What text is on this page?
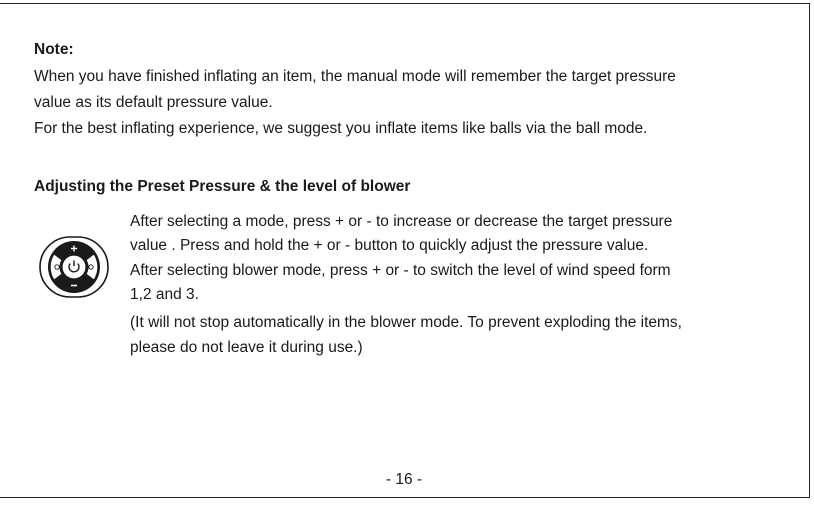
Note:
When you have finished inflating an item, the manual mode will remember the target pressure
value as its default pressure value.
For the best inflating experience, we suggest you inflate items like balls via the ball mode.
Adjusting the Preset Pressure & the level of blower
After selecting a mode, press + or - to increase or decrease the target pressure
value . Press and hold the + or - button to quickly adjust the pressure value.
After selecting blower mode, press + or - to switch the level of wind speed form
1,2 and 3.
(It will not stop automatically in the blower mode. To prevent exploding the items,
please do not leave it during use.)
- 16 -
